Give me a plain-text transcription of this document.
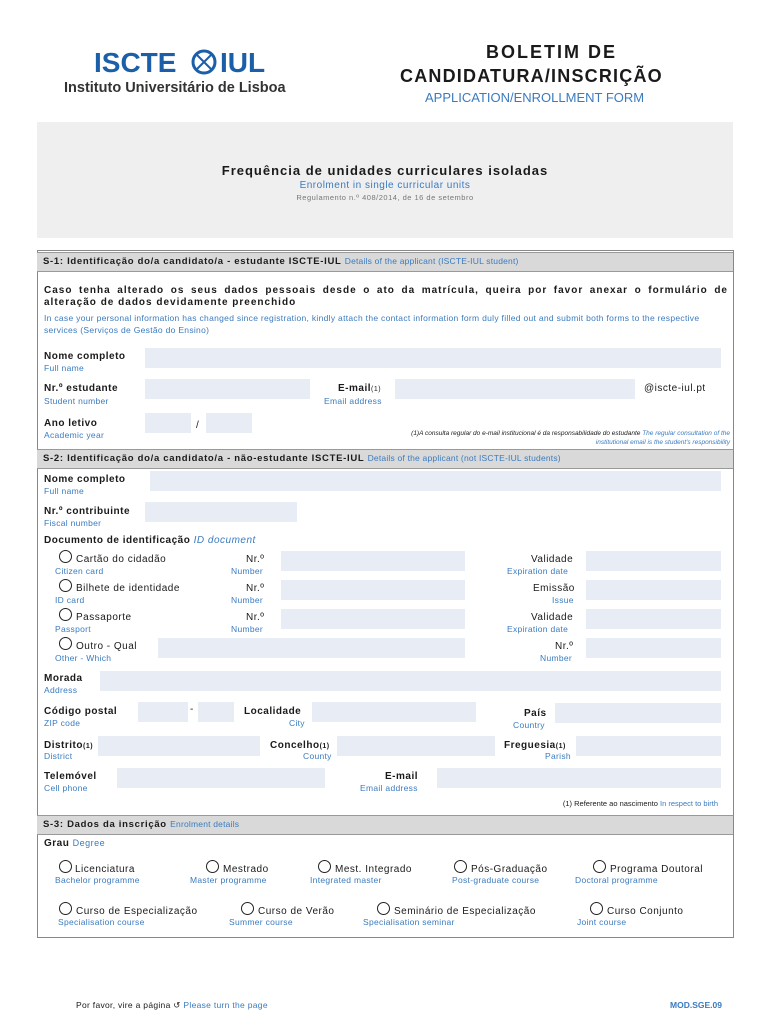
ISCTE IUL
Instituto Universitário de Lisboa
BOLETIM DE
CANDIDATURA/INSCRIÇÃO
APPLICATION/ENROLLMENT FORM
Frequência de unidades curriculares isoladas
Enrolment in single curricular units
Regulamento n.º 408/2014, de 16 de setembro
S-1: Identificação do/a candidato/a - estudante ISCTE-IUL Details of the applicant (ISCTE-IUL student)
Caso tenha alterado os seus dados pessoais desde o ato da matrícula, queira por favor anexar o formulário de alteração de dados devidamente preenchido
In case your personal information has changed since registration, kindly attach the contact information form duly filled out and submit both forms to the respective services (Serviços de Gestão do Ensino)
Nome completo
Full name
Nr.º estudante
Student number
E-mail(1)
Email address
@iscte-iul.pt
Ano letivo
Academic year
/
(1)A consulta regular do e-mail institucional é da responsabilidade do estudante The regular consultation of the institutional email is the student's responsibility
S-2: Identificação do/a candidato/a - não-estudante ISCTE-IUL Details of the applicant (not ISCTE-IUL students)
Nome completo
Full name
Nr.º contribuinte
Fiscal number
Documento de identificação ID document
Cartão do cidadão
Citizen card
Nr.º
Number
Validade
Expiration date
Bilhete de identidade
ID card
Nr.º
Number
Emissão
Issue
Passaporte
Passport
Nr.º
Number
Validade
Expiration date
Outro - Qual
Other - Which
Nr.º
Number
Morada
Address
Código postal
ZIP code
-	Localidade
City
País
Country
Distrito(1)
District
Concelho(1)
County
Freguesia(1)
Parish
Telemóvel
Cell phone
E-mail
Email address
(1) Referente ao nascimento In respect to birth
S-3: Dados da inscrição Enrolment details
Grau Degree
Licenciatura
Bachelor programme
Mestrado
Master programme
Mest. Integrado
Integrated master
Pós-Graduação
Post-graduate course
Programa Doutoral
Doctoral programme
Curso de Especialização
Specialisation course
Curso de Verão
Summer course
Seminário de Especialização
Specialisation seminar
Curso Conjunto
Joint course
Por favor, vire a página ↺ Please turn the page	MOD.SGE.09
